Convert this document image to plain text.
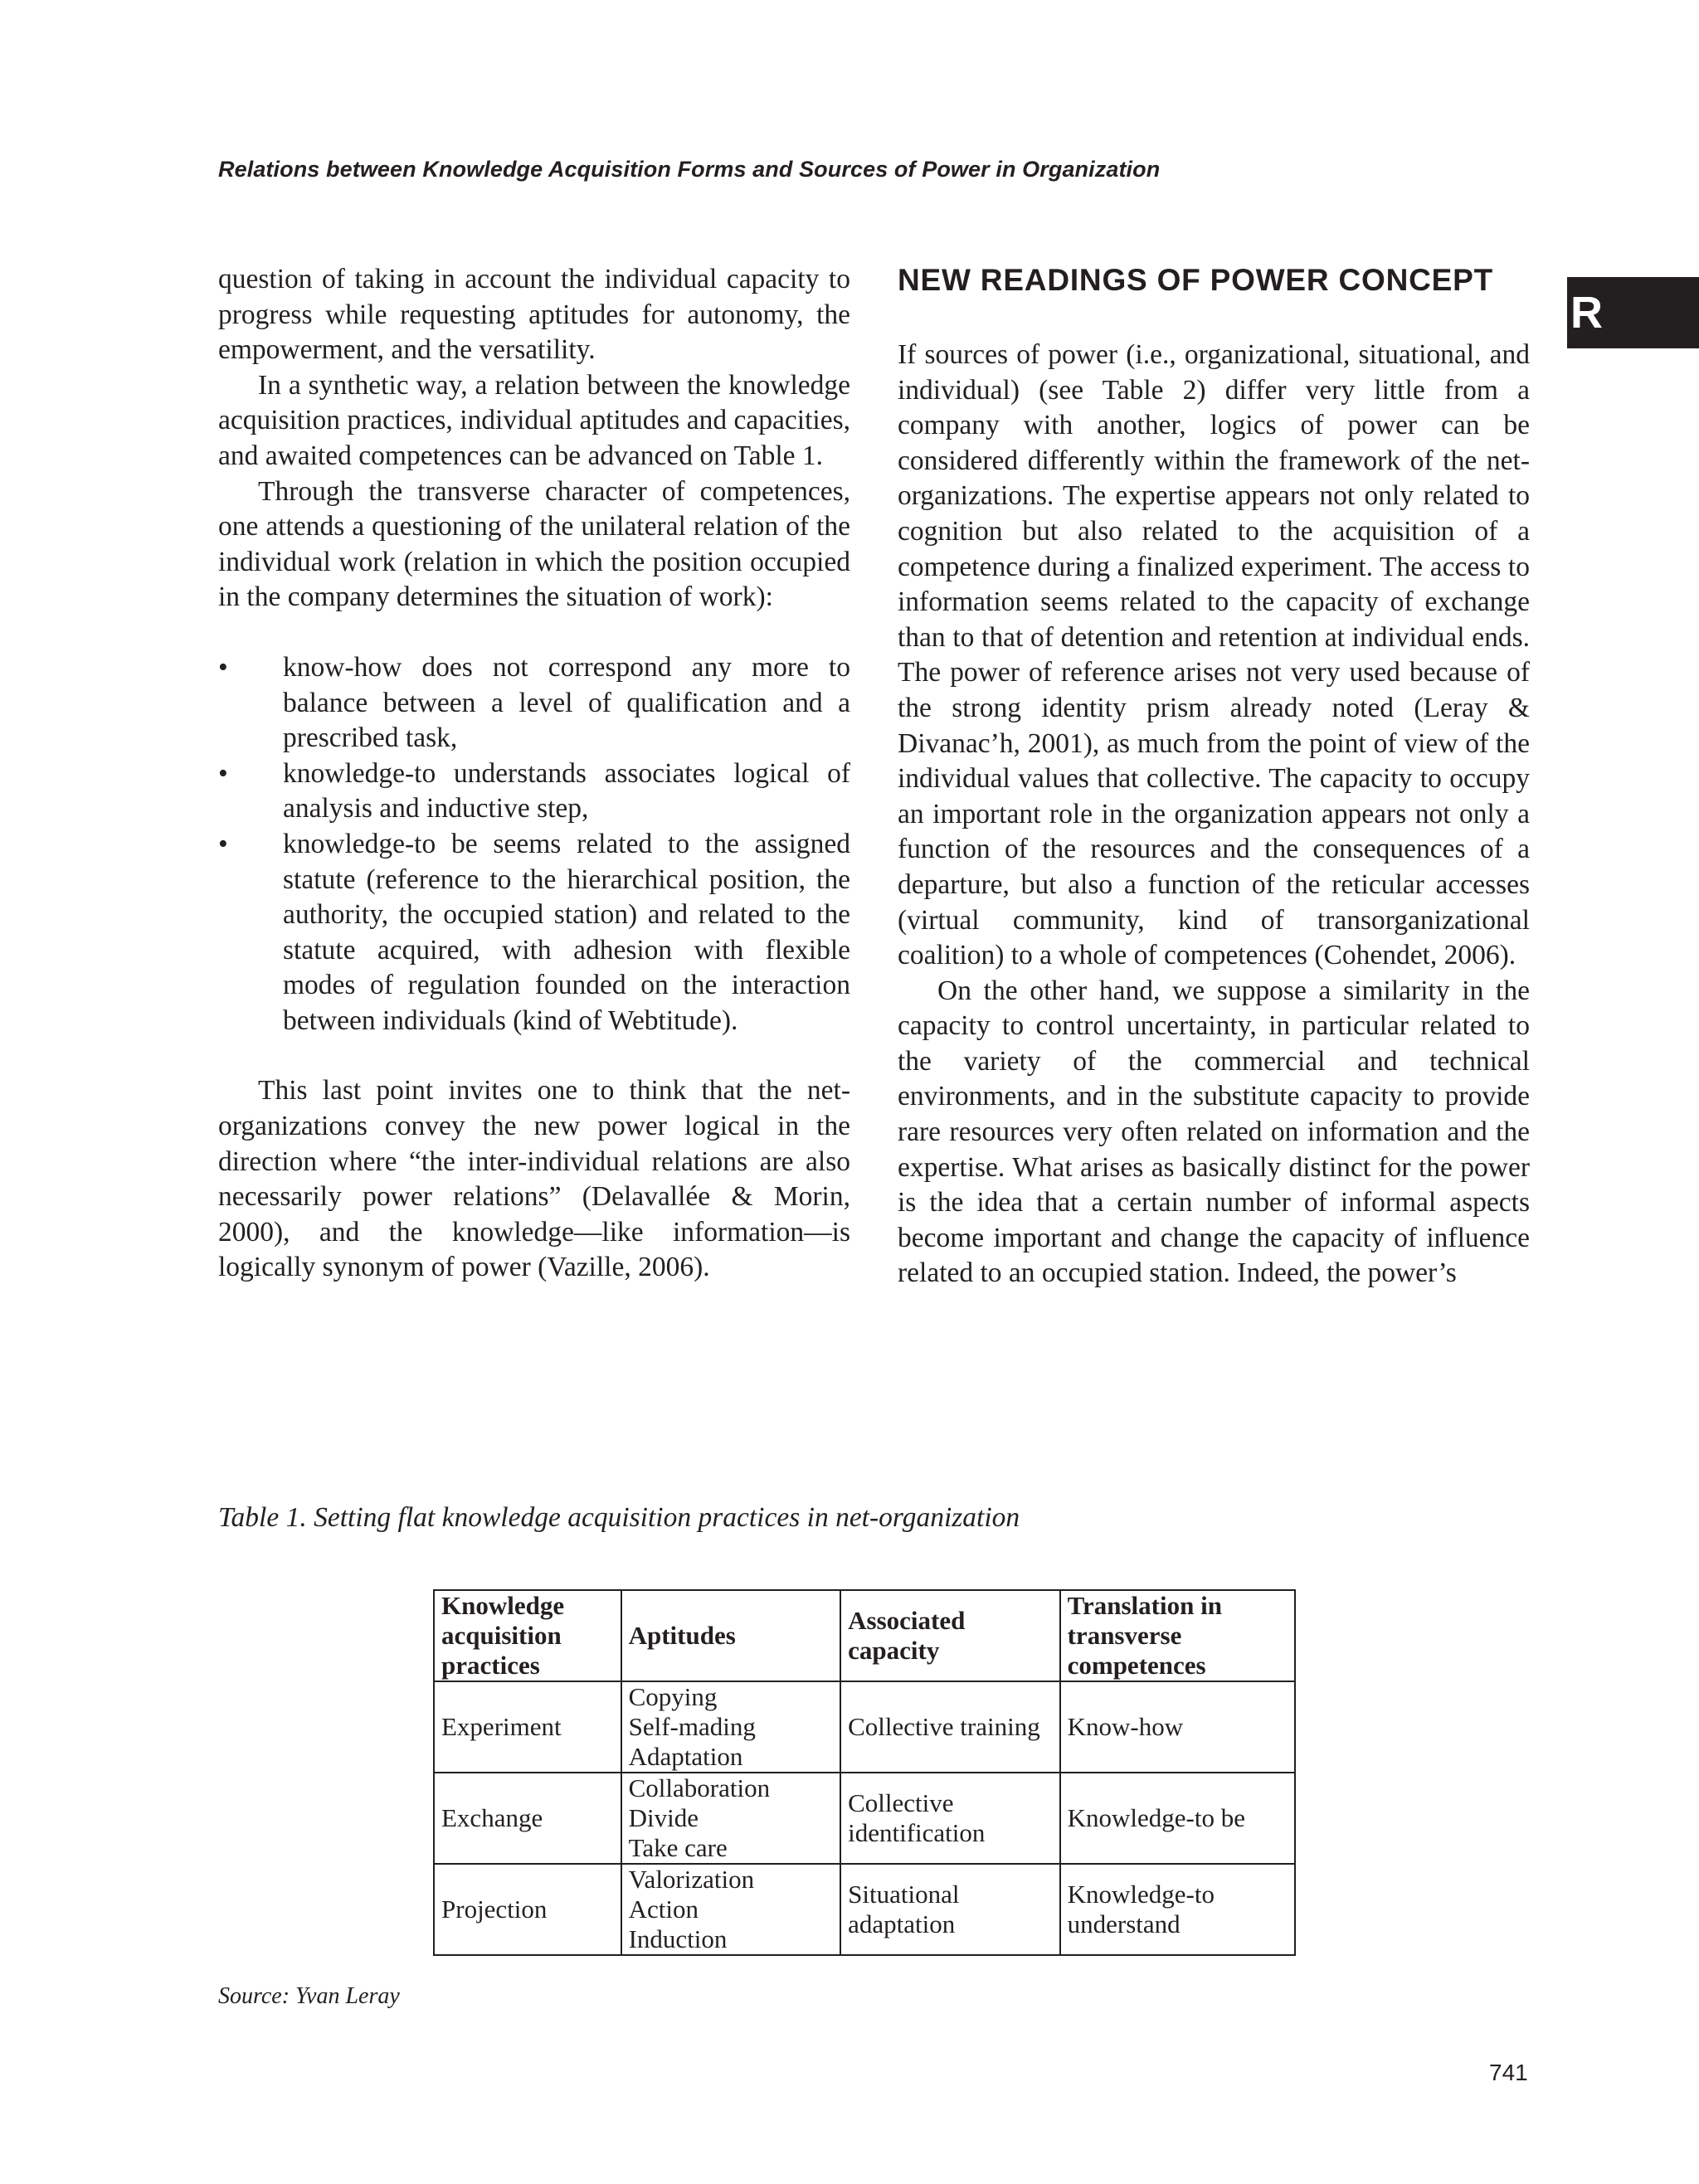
Relations between Knowledge Acquisition Forms and Sources of Power in Organization
R

question of taking in account the individual capacity to progress while requesting aptitudes for autonomy, the empowerment, and the versatility.

In a synthetic way, a relation between the knowledge acquisition practices, individual aptitudes and capacities, and awaited competences can be advanced on Table 1.

Through the transverse character of competences, one attends a questioning of the unilateral relation of the individual work (relation in which the position occupied in the company determines the situation of work):

• know-how does not correspond any more to balance between a level of qualification and a prescribed task,
• knowledge-to understands associates logical of analysis and inductive step,
• knowledge-to be seems related to the assigned statute (reference to the hierarchical position, the authority, the occupied station) and related to the statute acquired, with adhesion with flexible modes of regulation founded on the interaction between individuals (kind of Webtitude).

This last point invites one to think that the net-organizations convey the new power logical in the direction where “the inter-individual relations are also necessarily power relations” (Delavallée & Morin, 2000), and the knowledge—like information—is logically synonym of power (Vazille, 2006).

NEW READINGS OF POWER CONCEPT

If sources of power (i.e., organizational, situational, and individual) (see Table 2) differ very little from a company with another, logics of power can be considered differently within the framework of the net-organizations. The expertise appears not only related to cognition but also related to the acquisition of a competence during a finalized experiment. The access to information seems related to the capacity of exchange than to that of detention and retention at individual ends. The power of reference arises not very used because of the strong identity prism already noted (Leray & Divanac’h, 2001), as much from the point of view of the individual values that collective. The capacity to occupy an important role in the organization appears not only a function of the resources and the consequences of a departure, but also a function of the reticular accesses (virtual community, kind of transorganizational coalition) to a whole of competences (Cohendet, 2006).

On the other hand, we suppose a similarity in the capacity to control uncertainty, in particular related to the variety of the commercial and technical environments, and in the substitute capacity to provide rare resources very often related on information and the expertise. What arises as basically distinct for the power is the idea that a certain number of informal aspects become important and change the capacity of influence related to an occupied station. Indeed, the power’s

Table 1. Setting flat knowledge acquisition practices in net-organization
Knowledge acquisition practices	Aptitudes	Associated capacity	Translation in transverse competences
Experiment	Copying
Self-mading
Adaptation	Collective training	Know-how
Exchange	Collaboration
Divide
Take care	Collective identification	Knowledge-to be
Projection	Valorization
Action
Induction	Situational adaptation	Knowledge-to understand
Source: Yvan Leray
741
